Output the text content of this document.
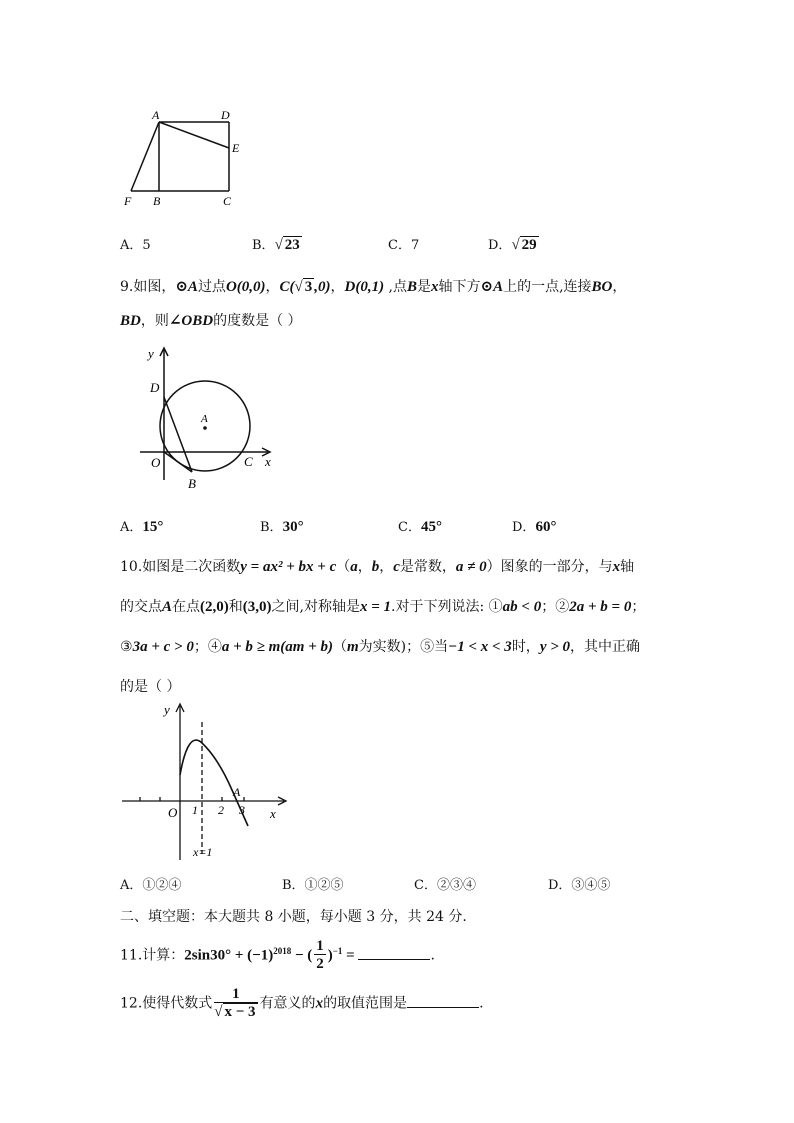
A	D
E
F B	C
A．5	B．√ 23	C．7	D．√ 29
9.如图，⊙A过点O(0,0)，C(√ 3 ,0)，D(0,1) ,点B是x轴下方⊙A上的一点,连接BO，
BD，则∠OBD的度数是（ ）
y
D
A
O	C x
B
A．15°	B．30°	C．45°	D．60°
10.如图是二次函数y = ax² + bx + c（a，b，c是常数，a ≠ 0）图象的一部分，与x轴
的交点A在点(2,0)和(3,0)之间,对称轴是x = 1.对于下列说法: ①ab < 0；②2a + b = 0；
③3a + c > 0；④a + b ≥ m(am + b)（m为实数)；⑤当−1 < x < 3时，y > 0，其中正确
的是（ ）
y
O 1 2
A
3 x
x=1
A．①②④	B．①②⑤	C．②③④	D．③④⑤
二、填空题：本大题共 8 小题，每小题 3 分，共 24 分.
11.计算：$2\sin 30^\circ + (-1)^{2018}$ − ( $\frac{1}{2} )^{-1}$ =	.
12.使得代数式 $\frac{1}{√ x - 3}$ 有意义的x的取值范围是	.
